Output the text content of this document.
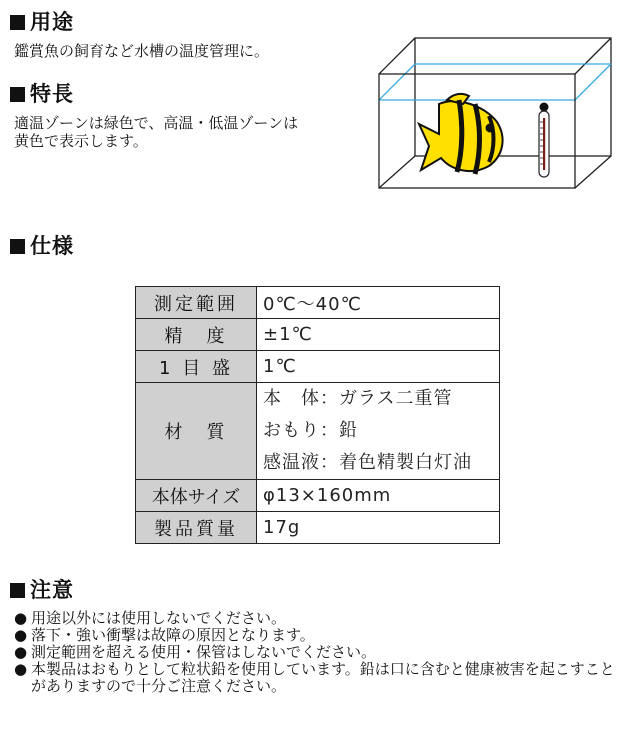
用途
鑑賞魚の飼育など水槽の温度管理に。
特長
適温ゾーンは緑色で、高温・低温ゾーンは
黄色で表示します。
仕様
測定範囲	0℃〜40℃
精　度	±1℃
1 目 盛	1℃
材　質	本　体：ガラス二重管
おもり：鉛
感温液：着色精製白灯油

本体サイズ	φ13×160mm
製品質量	17g
注意
● 用途以外には使用しないでください。
● 落下・強い衝撃は故障の原因となります。
● 測定範囲を超える使用・保管はしないでください。
● 本製品はおもりとして粒状鉛を使用しています。鉛は口に含むと健康被害を起こすことがありますので十分ご注意ください。
